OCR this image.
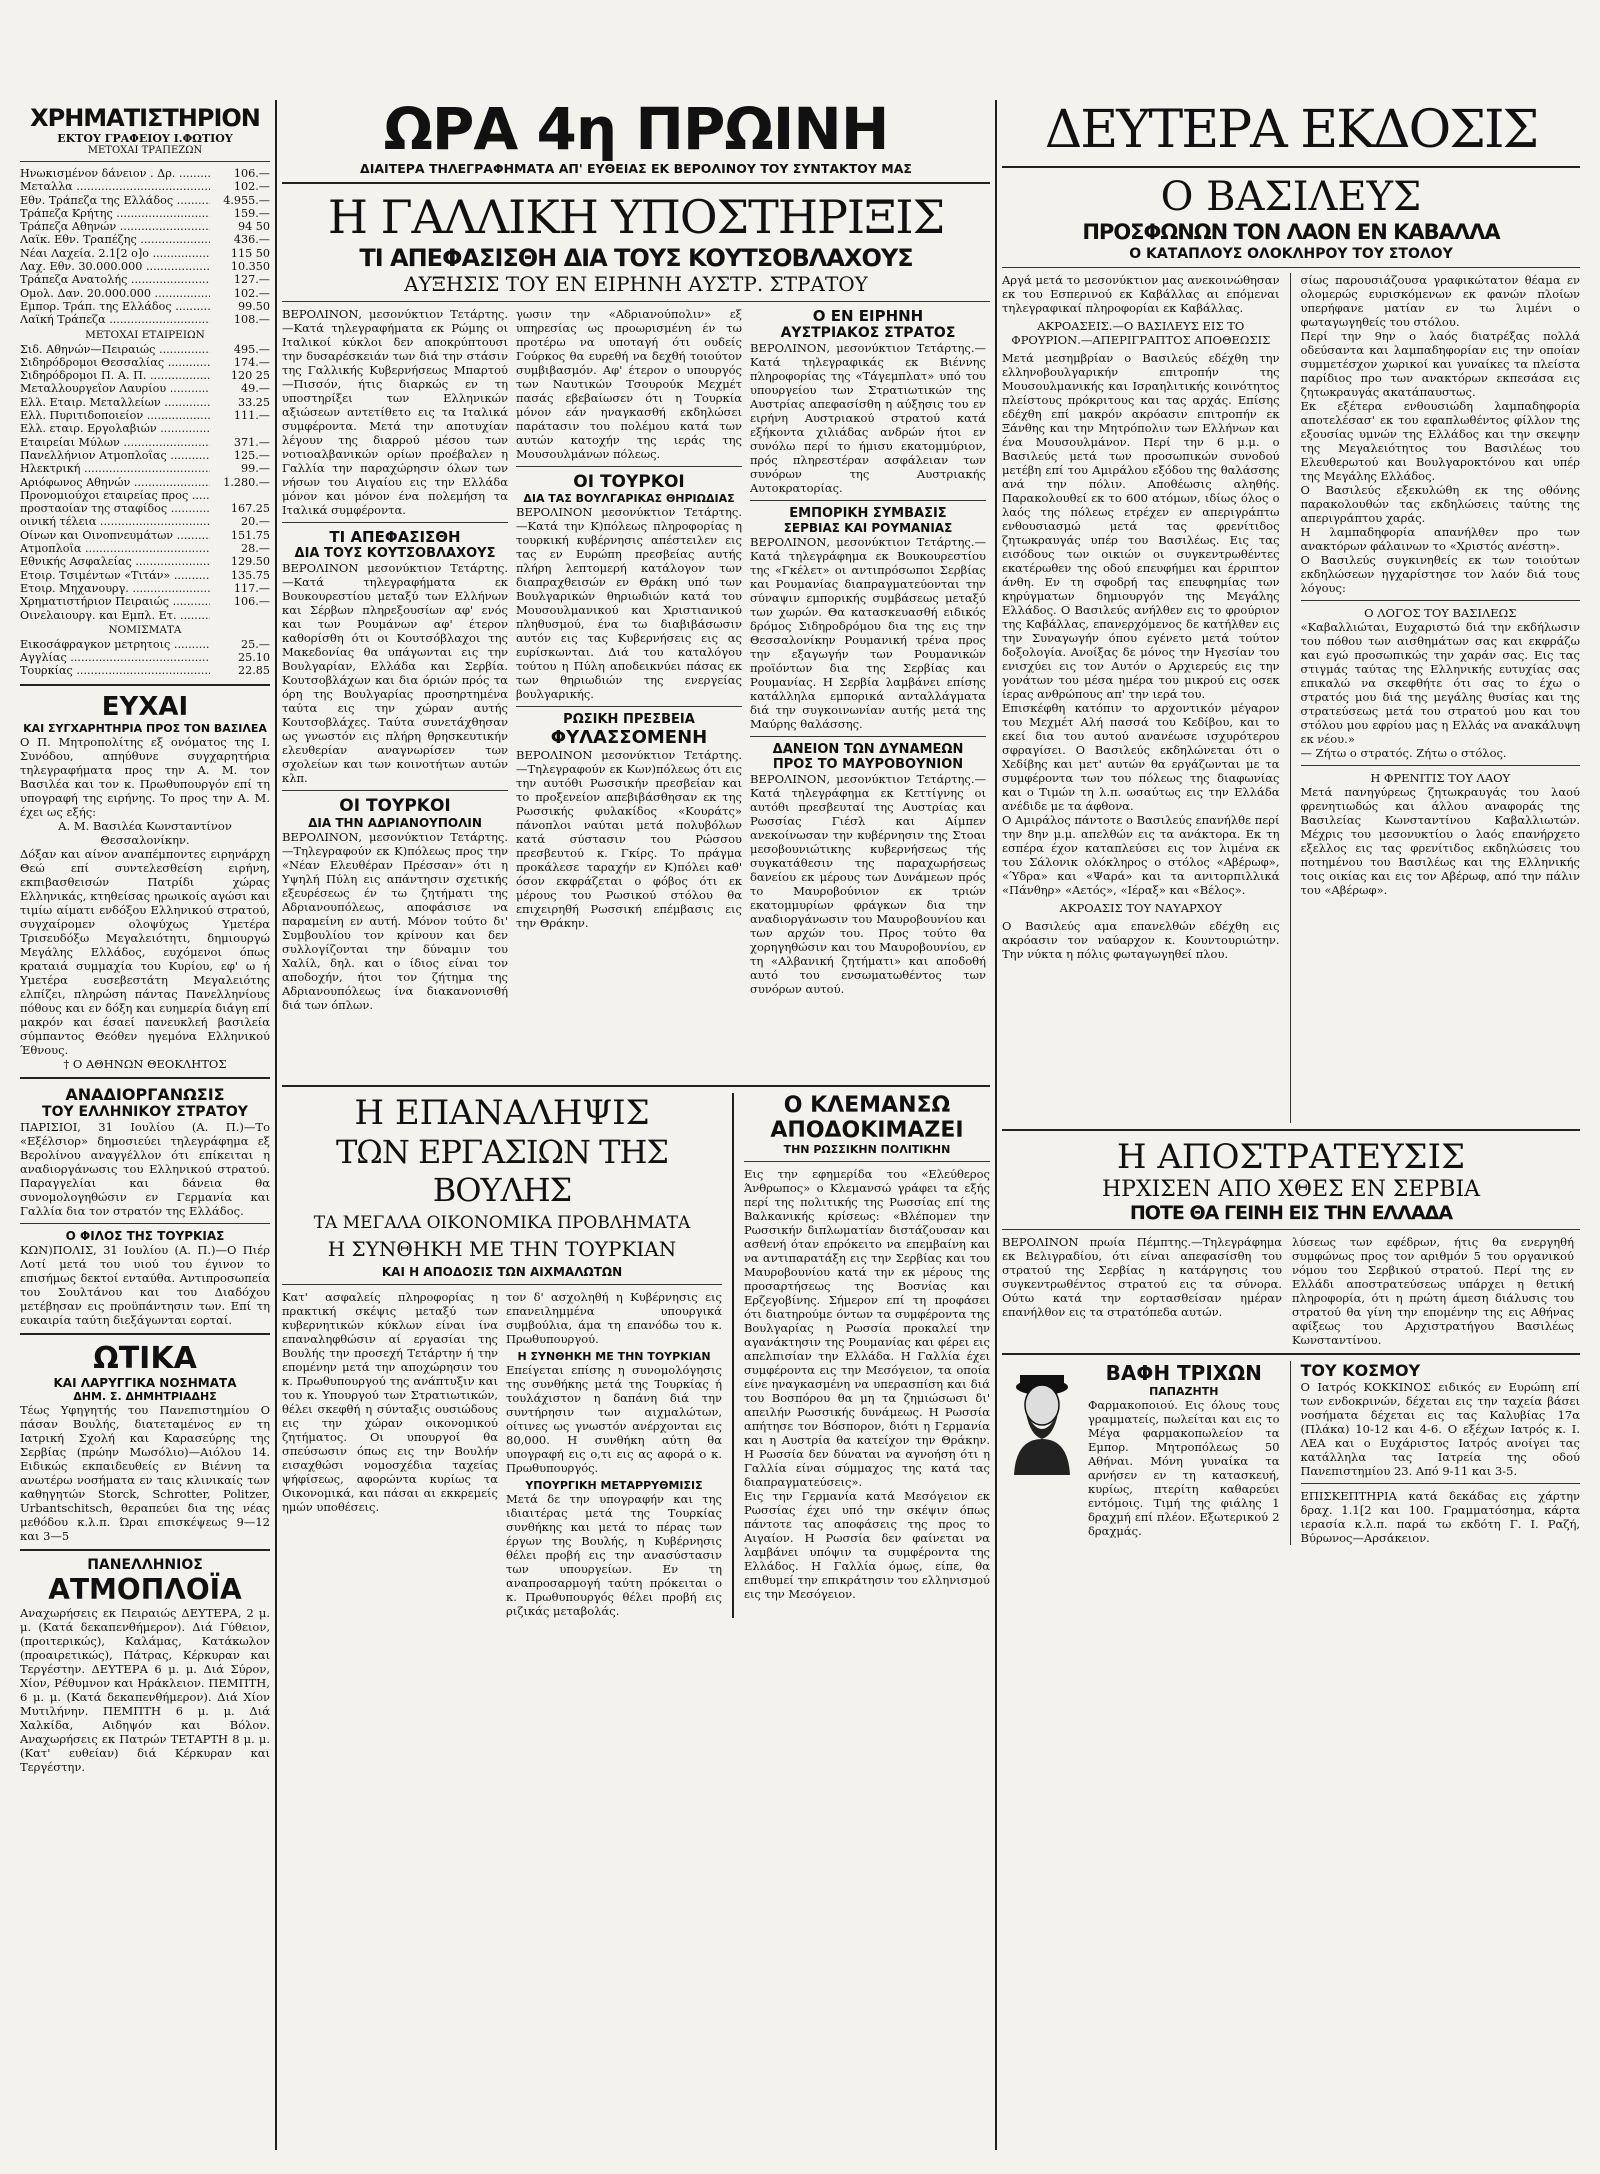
ΧΡΗΜΑΤΙΣΤΗΡΙΟΝ
ΕΚΤΟΥ ΓΡΑΦΕΙΟΥ Ι.ΦΩΤΙΟΥ
ΜΕΤΟΧΑΙ ΤΡΑΠΕΖΩΝ
Ηνωκισμένον δάνειον . Δρ. .....	106.—
Μεταλλα .....	102.—
Εθν. Τράπεζα της Ελλάδος .....	4.955.—
Τράπεζα Κρήτης .....	159.—
Τράπεζα Αθηνών .....	94 50
Λαϊκ. Εθν. Τραπέζης .....	436.—
Νέαι Λαχεία. 2.1[2 ο]ο .....	115 50
Λαχ. Εθν. 30.000.000 .....	10.350
Τράπεζα Ανατολής .....	127.—
Ομολ. Δαν. 20.000.000 .....	102.—
Εμπορ. Τράπ. της Ελλάδος .....	99.50
Λαϊκή Τράπεζα .....	108.—
ΜΕΤΟΧΑΙ ΕΤΑΙΡΕΙΩΝ
Σιδ. Αθηνών—Πειραιώς .....	495.—
Σιδηρόδρομοι Θεσσαλίας .....	174.—
Σιδηρόδρομοι Π. Α. Π. .....	120 25
Μεταλλουργεΐον Λαυρίου .....	49.—
Ελλ. Εταιρ. Μεταλλείων .....	33.25
Ελλ. Πυριτιδοποιείον .....	111.—
Ελλ. εταιρ. Εργολαβιών .....
Εταιρείαι Μύλων .....	371.—
Πανελλήνιον Ατμοπλοΐας .....	125.—
Ηλεκτρική .....	99.—
Αριόφωνος Αθηνών .....	1.280.—
Προνομιούχοι εταιρείας προς .....
προσταοίαν της σταφίδος .....	167.25
οινική τέλεια .....	20.—
Οίνων και Οινοπνευμάτων .....	151.75
Ατμοπλοΐα .....	28.—
Εθνικής Ασφαλείας .....	129.50
Ετοιρ. Τσιμέντων «Τιτάν» .....	135.75
Ετοιρ. Μηχανουργ. .....	117.—
Χρηματιστήριον Πειραιώς .....	106.—
Οινελαιουργ. και Εμπλ. Ετ. .....
ΝΟΜΙΣΜΑΤΑ
Εικοσάφραγκον μετρητοις .....	25.—
Αγγλίας .....	25.10
Τουρκίας .....	22.85
ΕΥΧΑΙ
ΚΑΙ ΣΥΓΧΑΡΗΤΗΡΙΑ ΠΡΟΣ ΤΟΝ ΒΑΣΙΛΕΑ
Ο Π. Μητροπολίτης εξ ονόματος της Ι. Συνόδου, απηύθυνε συγχαρητήρια τηλεγραφήματα προς την Α. Μ. τον Βασιλέα και τον κ. Πρωθυπουργόν επί τη υπογραφή της ειρήνης. Το προς την Α. Μ. έχει ως εξής:
Α. Μ. Βασιλέα Κωνσταντίνον Θεσσαλονίκην.
Δόξαν και αίνον αναπέμποντες ειρηνάρχη Θεώ επί συντελεσθείση ειρήνη, εκπιβασθεισών Πατρίδι χώρας Ελληνικάς, κτηθείσας ηρωικοίς αγώσι και τιμίω αίματι ενδόξου Ελληνικού στρατού, συγχαίρομεν ολοψύχως Υμετέρα Τρισευδόξω Μεγαλειότητι, δημιουργώ Μεγάλης Ελλάδος, ευχόμενοι όπως κραταιά συμμαχία του Κυρίου, εφ' ω ή Υμετέρα ευσεβεστάτη Μεγαλειότης ελπίζει, πληρώση πάντας Πανελληνίους πόθους και εν δόξη και ευημερία διάγη επί μακρόν και έσαεί πανευκλεή βασιλεία σύμπαντος Θεόθεν ηγεμόνα Ελληνικού Έθνους.
† Ο ΑΘΗΝΩΝ ΘΕΟΚΛΗΤΟΣ
ΑΝΑΔΙΟΡΓΑΝΩΣΙΣ
ΤΟΥ ΕΛΛΗΝΙΚΟΥ ΣΤΡΑΤΟΥ
ΠΑΡΙΣΙΟΙ, 31 Ιουλίου (Α. Π.)—Το «Εξέλσιορ» δημοσιεύει τηλεγράφημα εξ Βερολίνου αναγγέλλον ότι επίκειται η αναδιοργάνωσις του Ελληνικού στρατού. Παραγγελίαι και δάνεια θα συνομολογηθώσιν εν Γερμανία και Γαλλία δια τον στρατόν της Ελλάδος.
Ο ΦΙΛΟΣ ΤΗΣ ΤΟΥΡΚΙΑΣ
ΚΩΝ)ΠΟΛΙΣ, 31 Ιουλίου (Α. Π.)—Ο Πιέρ Λοτί μετά του υιού του έγινον το επισήμως δεκτοί ενταύθα. Αντιπροσωπεία του Σουλτάνου και του Διαδόχου μετέβησαν εις προϋπάντησιν των. Επί τη ευκαιρία ταύτη διεξάγωνται εορταί.
ΩΤΙΚΑ
ΚΑΙ ΛΑΡΥΓΓΙΚΑ ΝΟΣΗΜΑΤΑ
ΔΗΜ. Σ. ΔΗΜΗΤΡΙΑΔΗΣ
Τέως Υφηγητής του Πανεπιστημίου Ο πάσαν Βουλής, διατεταμένος εν τη Ιατρική Σχολή και Καρασεύρης της Σερβίας (πρώην Μωσόλιο)—Αιόλου 14. Ειδικώς εκπαιδευθείς εν Βιέννη τα ανωτέρω νοσήματα εν ταις κλινικαίς των καθηγητών Storck, Schrotter, Politzer, Urbantschitsch, θεραπεύει δια της νέας μεθόδου κ.λ.π. Ώραι επισκέψεως 9—12 και 3—5
ΠΑΝΕΛΛΗΝΙΟΣ
ΑΤΜΟΠΛΟΪΑ
Αναχωρήσεις εκ Πειραιώς ΔΕΥΤΕΡΑ, 2 μ. μ. (Κατά δεκαπενθήμερον). Διά Γύθειον, (προιτερικώς), Καλάμας, Κατάκωλον (προαιρετικώς), Πάτρας, Κέρκυραν και Τεργέστην. ΔΕΥΤΕΡΑ 6 μ. μ. Διά Σύρον, Χίον, Ρέθυμνον και Ηράκλειον. ΠΕΜΠΤΗ, 6 μ. μ. (Κατά δεκαπενθήμερον). Διά Χίον Μυτιλήνην. ΠΕΜΠΤΗ 6 μ. μ. Διά Χαλκίδα, Αιδηψόν και Βόλον. Αναχωρήσεις εκ Πατρών ΤΕΤΑΡΤΗ 8 μ. μ. (Κατ' ευθείαν) διά Κέρκυραν και Τεργέστην.
ΩΡΑ 4η ΠΡΩΙΝΗ
ΔΙΑΙΤΕΡΑ ΤΗΛΕΓΡΑΦΗΜΑΤΑ ΑΠ' ΕΥΘΕΙΑΣ ΕΚ ΒΕΡΟΛΙΝΟΥ ΤΟΥ ΣΥΝΤΑΚΤΟΥ ΜΑΣ
Η ΓΑΛΛΙΚΗ ΥΠΟΣΤΗΡΙΞΙΣ
ΤΙ ΑΠΕΦΑΣΙΣΘΗ ΔΙΑ ΤΟΥΣ ΚΟΥΤΣΟΒΛΑΧΟΥΣ
ΑΥΞΗΣΙΣ ΤΟΥ ΕΝ ΕΙΡΗΝΗ ΑΥΣΤΡ. ΣΤΡΑΤΟΥ
ΒΕΡΟΛΙΝΟΝ, μεσονύκτιον Τετάρτης.—Κατά τηλεγραφήματα εκ Ρώμης οι Ιταλικοί κύκλοι δεν αποκρύπτουσι την δυσαρέσκειάν των διά την στάσιν της Γαλλικής Κυβερνήσεως Μπαρτού—Πισσόν, ήτις διαρκώς εν τη υποστηρίξει των Ελληνικών αξιώσεων αντετίθετο εις τα Ιταλικά συμφέροντα. Μετά την αποτυχίαν λέγουν της διαρρού μέσου των νοτιοαλβανικών ορίων προέβαλεν η Γαλλία την παραχώρησιν όλων των νήσων του Αιγαίου εις την Ελλάδα μόνον και μόνον ένα πολεμήση τα Ιταλικά συμφέροντα.
ΤΙ ΑΠΕΦΑΣΙΣΘΗ
ΔΙΑ ΤΟΥΣ ΚΟΥΤΣΟΒΛΑΧΟΥΣ
ΒΕΡΟΛΙΝΟΝ μεσονύκτιον Τετάρτης.—Κατά τηλεγραφήματα εκ Βουκουρεστίου μεταξύ των Ελλήνων και Σέρβων πληρεξουσίων αφ' ενός και των Ρουμάνων αφ' έτερον καθορίσθη ότι οι Κουτσόβλαχοι της Μακεδονίας θα υπάγωνται εις την Βουλγαρίαν, Ελλάδα και Σερβία. Κουτσοβλάχων και δια όριών πρός τα όρη της Βουλγαρίας προσηρτημένα ταύτα εις την χώραν αυτής Κουτσοβλάχες. Ταύτα συνετάχθησαν ως γνωστόν εις πλήρη θρησκευτικήν ελευθερίαν αναγνωρίσεν των σχολείων και των κοινοτήτων αυτών κλπ.
ΟΙ ΤΟΥΡΚΟΙ
ΔΙΑ ΤΗΝ ΑΔΡΙΑΝΟΥΠΟΛΙΝ
ΒΕΡΟΛΙΝΟΝ, μεσονύκτιον Τετάρτης.—Τηλεγραφούν εκ Κ)πόλεως προς την «Νέαν Ελευθέραν Πρέσσαν» ότι η Υψηλή Πύλη εις απάντησιν σχετικής εξευρέσεως έν τω ζητήματι της Αδριανουπόλεως, αποφάσισε να παραμείνη εν αυτή. Μόνον τούτο δι' Συμβουλίου τον κρίνουν και δεν συλλογίζονται την δύναμιν του Χαλίλ, δηλ. και ο ίδιος είναι τον αποδοχήν, ήτοι τον ζήτημα της Αδριανουπόλεως ίνα διακανονισθή διά των όπλων.
γωσιν την «Αδριανούπολιν» εξ υπηρεσίας ως προωρισμένη έν τω προτέρω να υποταγή ότι ουδείς Γούρκος θα ευρεθή να δεχθή τοιούτον συμβιβασμόν. Αφ' έτερον ο υπουργός των Ναυτικών Τσουρούκ Μεχμέτ πασάς εβεβαίωσεν ότι η Τουρκία μόνον εάν ηναγκασθή εκδηλώσει παράτασιν του πολέμου κατά των αυτών κατοχήν της ιεράς της Μουσουλμάνων πόλεως.
ΟΙ ΤΟΥΡΚΟΙ
ΔΙΑ ΤΑΣ ΒΟΥΛΓΑΡΙΚΑΣ ΘΗΡΙΩΔΙΑΣ
ΒΕΡΟΛΙΝΟΝ μεσονύκτιον Τετάρτης.—Κατά την Κ)πόλεως πληροφορίας η τουρκική κυβέρνησις απέστειλεν εις τας εν Ευρώπη πρεσβείας αυτής πλήρη λεπτομερή κατάλογον των διαπραχθεισών εν Θράκη υπό των Βουλγαρικών θηριωδιών κατά του Μουσουλμανικού και Χριστιανικού πληθυσμού, ένα τω διαβιβάσωσιν αυτόν εις τας Κυβερνήσεις εις ας ευρίσκωνται. Διά του καταλόγου τούτου η Πύλη αποδεικνύει πάσας εκ των θηριωδιών της ενεργείας βουλγαρικής.
ΡΩΣΙΚΗ ΠΡΕΣΒΕΙΑ
ΦΥΛΑΣΣΟΜΕΝΗ
ΒΕΡΟΛΙΝΟΝ μεσονύκτιον Τετάρτης.—Τηλεγραφούν εκ Κων)πόλεως ότι εις την αυτόθι Ρωσσικήν πρεσβείαν και το προξενείον απεβιβάσθησαν εκ της Ρωσσικής φυλακίδος «Κουράτς» πάνοπλοι ναύται μετά πολυβόλων κατά σύστασιν του Ρώσσου πρεσβευτού κ. Γκίρς. Το πράγμα προκάλεσε ταραχήν εν Κ)πόλει καθ' όσον εκφράζεται ο φόβος ότι εκ μέρους του Ρωσικού στόλου θα επιχειρηθή Ρωσσική επέμβασις εις την Θράκην.
Ο ΕΝ ΕΙΡΗΝΗ
ΑΥΣΤΡΙΑΚΟΣ ΣΤΡΑΤΟΣ
ΒΕΡΟΛΙΝΟΝ, μεσονύκτιον Τετάρτης.—Κατά τηλεγραφικάς εκ Βιέννης πληροφορίας της «Τάγεμπλατ» υπό του υπουργείου των Στρατιωτικών της Αυστρίας απεφασίσθη η αύξησις του εν ειρήνη Αυστριακού στρατού κατά εξήκοντα χιλιάδας ανδρών ήτοι εν συνόλω περί το ήμισυ εκατομμύριον, πρός πληρεστέραν ασφάλειαν των συνόρων της Αυστριακής Αυτοκρατορίας.
ΕΜΠΟΡΙΚΗ ΣΥΜΒΑΣΙΣ
ΣΕΡΒΙΑΣ ΚΑΙ ΡΟΥΜΑΝΙΑΣ
ΒΕΡΟΛΙΝΟΝ, μεσονύκτιον Τετάρτης.—Κατά τηλεγράφημα εκ Βουκουρεστίου της «Γκέλετ» οι αντιπρόσωποι Σερβίας και Ρουμανίας διαπραγματεύονται την σύναψιν εμπορικής συμβάσεως μεταξύ των χωρών. Θα κατασκευασθή ειδικός δρόμος Σιδηροδρόμου δια της εις την Θεσσαλονίκην Ρουμανική τρένα προς την εξαγωγήν των Ρουμανικών προϊόντων δια της Σερβίας και Ρουμανίας. Η Σερβία λαμβάνει επίσης κατάλληλα εμπορικά ανταλλάγματα διά την συγκοινωνίαν αυτής μετά της Μαύρης θαλάσσης.
ΔΑΝΕΙΟΝ ΤΩΝ ΔΥΝΑΜΕΩΝ
ΠΡΟΣ ΤΟ ΜΑΥΡΟΒΟΥΝΙΟΝ
ΒΕΡΟΛΙΝΟΝ, μεσονύκτιον Τετάρτης.—Κατά τηλεγράφημα εκ Κεττίγνης οι αυτόθι πρεσβευταί της Αυστρίας και Ρωσσίας Γιέσλ και Αίμπεν ανεκοίνωσαν την κυβέρνησιν της Στοαι μεσοβουνιώτικης κυβερνήσεως τής συγκατάθεσιν της παραχωρήσεως δανείου εκ μέρους των Δυνάμεων πρός το Μαυροβούνιον εκ τριών εκατομμυρίων φράγκων δια την αναδιοργάνωσιν του Μαυροβουνίου και των αρχών του. Προς τούτο θα χορηγηθώσιν και του Μαυροβουνίου, εν τη «Αλβανική ζητήματι» και αποδοθή αυτό του ενσωματωθέντος των συνόρων αυτού.
Η ΕΠΑΝΑΛΗΨΙΣ
ΤΩΝ ΕΡΓΑΣΙΩΝ ΤΗΣ ΒΟΥΛΗΣ
ΤΑ ΜΕΓΑΛΑ ΟΙΚΟΝΟΜΙΚΑ ΠΡΟΒΛΗΜΑΤΑ
Η ΣΥΝΘΗΚΗ ΜΕ ΤΗΝ ΤΟΥΡΚΙΑΝ
ΚΑΙ Η ΑΠΟΔΟΣΙΣ ΤΩΝ ΑΙΧΜΑΛΩΤΩΝ
Κατ' ασφαλείς πληροφορίας η πρακτική σκέψις μεταξύ των κυβερνητικών κύκλων είναι ίνα επαναληφθώσιν αί εργασίαι της Βουλής την προσεχή Τετάρτην ή την επομένην μετά την αποχώρησιν του κ. Πρωθυπουργού της ανάπτυξιν και του κ. Υπουργού των Στρατιωτικών, θέλει σκεφθή η σύνταξις ουσιώδους εις την χώραν οικονομικού ζητήματος. Οι υπουργοί θα σπεύσωσιν όπως εις την Βουλήν εισαχθώσι νομοσχέδια ταχείας ψήφίσεως, αφορώντα κυρίως τα Οικονομικά, και πάσαι αι εκκρεμείς ημών υποθέσεις.
τον δ' ασχοληθή η Κυβέρνησις εις επανειλημμένα υπουργικά συμβούλια, άμα τη επανόδω του κ. Πρωθυπουργού.
Η ΣΥΝΘΗΚΗ ΜΕ ΤΗΝ ΤΟΥΡΚΙΑΝ
Επείγεται επίσης η συνομολόγησις της συνθήκης μετά της Τουρκίας ή τουλάχιστον η δαπάνη διά την συντήρησιν των αιχμαλώτων, οίτινες ως γνωστόν ανέρχονται εις 80,000. Η συνθήκη αύτη θα υπογραφή εις ο,τι εις ας αφορά ο κ. Πρωθυπουργός.
ΥΠΟΥΡΓΙΚΗ ΜΕΤΑΡΡΥΘΜΙΣΙΣ
Μετά δε την υπογραφήν και της ιδιαιτέρας μετά της Τουρκίας συνθήκης και μετά το πέρας των έργων της Βουλής, η Κυβέρνησις θέλει προβή εις την ανασύστασιν των υπουργείων. Εν τη αναπροσαρμογή ταύτη πρόκειται ο κ. Πρωθυπουργός θέλει προβή εις ριζικάς μεταβολάς.
Ο ΚΛΕΜΑΝΣΩ
ΑΠΟΔΟΚΙΜΑΖΕΙ
ΤΗΝ ΡΩΣΣΙΚΗΝ ΠΟΛΙΤΙΚΗΝ
Εις την εφημερίδα του «Ελεύθερος Άνθρωπος» ο Κλεμανσώ γράφει τα εξής περί της πολιτικής της Ρωσσίας επί της Βαλκανικής κρίσεως: «Βλέπομεν την Ρωσσικήν διπλωματίαν διστάζουσαν και ασθενή όταν επρόκειτο να επεμβαίνη και να αντιπαρατάξη εις την Σερβίας και του Μαυροβουνίου κατά την εκ μέρους της προσαρτήσεως της Βοσνίας και Ερζεγοβίνης. Σήμερον επί τη προφάσει ότι διατηρούμε όντων τα συμφέροντα της Βουλγαρίας η Ρωσσία προκαλεί την αγανάκτησιν της Ρουμανίας και φέρει εις απελπισίαν την Ελλάδα. Η Γαλλία έχει συμφέροντα εις την Μεσόγειον, τα οποία είνε ηναγκασμένη να υπερασπίση και διά του Βοσπόρου θα μη τα ζημιώσωσι δι' απειλήν Ρωσσικής δυνάμεως. Η Ρωσσία απήτησε τον Βόσπορον, διότι η Γερμανία και η Αυστρία θα κατείχον την Θράκην. Η Ρωσσία δεν δύναται να αγνοήση ότι η Γαλλία είναι σύμμαχος της κατά τας διαπραγματεύσεις».
Εις την Γερμανία κατά Μεσόγειον εκ Ρωσσίας έχει υπό την σκέψιν όπως πάντοτε τας αποφάσεις της προς το Αιγαίον. Η Ρωσσία δεν φαίνεται να λαμβάνει υπόψιν τα συμφέροντα της Ελλάδος. Η Γαλλία όμως, είπε, θα επιθυμεί την επικράτησιν του ελληνισμού εις την Μεσόγειον.
ΔΕΥΤΕΡΑ ΕΚΔΟΣΙΣ
Ο ΒΑΣΙΛΕΥΣ
ΠΡΟΣΦΩΝΩΝ ΤΟΝ ΛΑΟΝ ΕΝ ΚΑΒΑΛΛΑ
Ο ΚΑΤΑΠΛΟΥΣ ΟΛΟΚΛΗΡΟΥ ΤΟΥ ΣΤΟΛΟΥ
Αργά μετά το μεσονύκτιον μας ανεκοινώθησαν εκ του Εσπερινού εκ Καβάλλας αι επόμεναι τηλεγραφικαί πληροφορίαι εκ Καβάλλας.
ΑΚΡΟΑΣΕΙΣ.—Ο ΒΑΣΙΛΕΥΣ ΕΙΣ ΤΟ ΦΡΟΥΡΙΟΝ.—ΑΠΕΡΙΓΡΑΠΤΟΣ ΑΠΟΘΕΩΣΙΣ
Μετά μεσημβρίαν ο Βασιλεύς εδέχθη την ελληνοβουλγαρικήν επιτροπήν της Μουσουλμανικής και Ισραηλιτικής κοινότητος πλείστους πρόκριτους και τας αρχάς. Επίσης εδέχθη επί μακρόν ακρόασιν επιτροπήν εκ Ξάνθης και την Μητρόπολιν των Ελλήνων και ένα Μουσουλμάνον. Περί την 6 μ.μ. ο Βασιλεύς μετά των προσωπικών συνοδού μετέβη επί του Αμιράλου εξόδου της θαλάσσης ανά την πόλιν. Αποθέωσις αληθής. Παρακολουθεί εκ το 600 ατόμων, ιδίως όλος ο λαός της πόλεως ετρέχεν εν απεριγράπτω ενθουσιασμώ μετά τας φρενίτιδος ζητωκραυγάς υπέρ του Βασιλέως. Εις τας εισόδους των οικιών οι συγκεντρωθέντες εκατέρωθεν της οδού επευφήμει και έρριπτον άνθη. Εν τη σφοδρή τας επευφημίας των κηρύγματων δημιουργόν της Μεγάλης Ελλάδος. Ο Βασιλεύς ανήλθεν εις το φρούριον της Καβάλλας, επανερχόμενος δε κατήλθεν εις την Συναγωγήν όπου εγένετο μετά τούτον δοξολογία. Ανοίξας δε μόνος την Ηγεσίαν του ενισχύει εις τον Αυτόν ο Αρχιερεύς εις την γονάτων του μέσα ημέρα του μικρού εις οσεκ ίερας ανθρώπους απ' την ιερά του.
Επισκέφθη κατόπιν το αρχοντικόν μέγαρον του Μεχμέτ Αλή πασσά του Κεδίβου, και το εκεί δια του αυτού ανανέωσε ισχυρότερου σφραγίσει. Ο Βασιλεύς εκδηλώνεται ότι ο Χεδίβης και μετ' αυτών θα εργάζωνται με τα συμφέροντα των του πόλεως της διαφωνίας και ο Τιμών τη λ.π. ωσαύτως εις την Ελλάδα ανέδιδε με τα άφθονα.
Ο Αμιράλος πάντοτε ο Βασιλεύς επανήλθε περί την 8ην μ.μ. απελθών εις τα ανάκτορα. Εκ τη εσπέρα έχον καταπλεύσει εις τον λιμένα εκ του Σάλονικ ολόκληρος ο στόλος «Αβέρωφ», «Ύδρα» και «Ψαρά» και τα ανιτορπιλλικά «Πάνθηρ» «Αετός», «Ιέραξ» και «Βέλος».
ΑΚΡΟΑΣΙΣ ΤΟΥ ΝΑΥΑΡΧΟΥ
Ο Βασιλεύς αμα επανελθών εδέχθη εις ακρόασιν τον ναύαρχον κ. Κουντουριώτην. Την νύκτα η πόλις φωταγωγηθεί πλου.
σίως παρουσιάζουσα γραφικώτατον θέαμα εν ολομερώς ευρισκόμενων εκ φανών πλοίων υπερήφανε ματίαν εν τω λιμένι ο φωταγωγηθείς του στόλου.
Περί την 9ην ο λαός διατρέξας πολλά οδεύσαντα και λαμπαδηφορίαν εις την οποίαν συμμετέσχον χωρικοί και γυναίκες τα πλείστα παρίδιος προ των ανακτόρων εκπεσάσα εις ζητωκραυγάς ακατάπαυστως.
Εκ εξέτερα ενθουσιώδη λαμπαδηφορία αποτελέσασ' εκ του εφαπλωθέντος φίλλον της εξουσίας υμνών της Ελλάδος και την σκεψην της Μεγαλειότητος του Βασιλέως του Ελευθερωτού και Βουλγαροκτόνου και υπέρ της Μεγάλης Ελλάδος.
Ο Βασιλεύς εξεκυλώθη εκ της οθόνης παρακολουθών τας εκδηλώσεις ταύτης της απεριγράπτου χαράς.
Η λαμπαδηφορία απανήλθεν προ των ανακτόρων φάλαινων το «Χριστός ανέστη».
Ο Βασιλεύς συγκινηθείς εκ των τοιούτων εκδηλώσεων ηγχαρίστησε τον λαόν διά τους λόγους:
Ο ΛΟΓΟΣ ΤΟΥ ΒΑΣΙΛΕΩΣ
«Καβαλλιώται, Ευχαριστώ διά την εκδήλωσιν του πόθου των αισθημάτων σας και εκφράζω και εγώ προσωπικώς την χαράν σας. Εις τας στιγμάς ταύτας της Ελληνικής ευτυχίας σας επικαλώ να σκεφθήτε ότι σας το έχω ο στρατός μου διά της μεγάλης θυσίας και της στρατεύσεως μετά του στρατού μου και του στόλου μου εφρίου μας η Ελλάς να ανακάλυψη εκ νέου.»
— Ζήτω ο στρατός. Ζήτω ο στόλος.
Η ΦΡΕΝΙΤΙΣ ΤΟΥ ΛΑΟΥ
Μετά πανηγύρεως ζητωκραυγάς του λαού φρενητιωδώς και άλλου αναφοράς της Βασιλείας Κωνσταντίνου Καβαλλιωτών. Μέχρις του μεσονυκτίου ο λαός επανήρχετο εξελλος εις τας φρενίτιδος εκδηλώσεις του ποτημένου του Βασιλέως και της Ελληνικής τοις οικίας και εις τον Αβέρωφ, από την πάλιν του «Αβέρωφ».
Η ΑΠΟΣΤΡΑΤΕΥΣΙΣ
ΗΡΧΙΣΕΝ ΑΠΟ ΧΘΕΣ ΕΝ ΣΕΡΒΙΑ
ΠΟΤΕ ΘΑ ΓΕΙΝΗ ΕΙΣ ΤΗΝ ΕΛΛΑΔΑ
ΒΕΡΟΛΙΝΟΝ πρωία Πέμπτης.—Τηλεγράφημα εκ Βελιγραδίου, ότι είναι απεφασίσθη του στρατού της Σερβίας η κατάργησις του συγκεντρωθέντος στρατού εις τα σύνορα. Ούτω κατά την εορτασθείσαν ημέραν επανήλθον εις τα στρατόπεδα αυτών.
λύσεως των εφέδρων, ήτις θα ενεργηθή συμφώνως προς τον αριθμόν 5 του οργανικού νόμου του Σερβικού στρατού. Περί της εν Ελλάδι αποστρατεύσεως υπάρχει η θετική πληροφορία, ότι η πρώτη άμεση διάλυσις του στρατού θα γίνη την επομένην της εις Αθήνας αφίξεως του Αρχιστρατήγου Βασιλέως Κωνσταντίνου.
ΒΑΦΗ ΤΡΙΧΩΝ
ΠΑΠΑΖΗΤΗ
Φαρμακοποιού. Εις όλους τους γραμματείς, πωλείται και εις το Μέγα φαρμακοπωλείον τα Εμπορ. Μητροπόλεως 50 Αθήναι. Μόνη γυναίκα τα αρνήσεν εν τη κατασκευή, κυρίως, πτερίτη καθαρεύει εντόμοις. Τιμή της φιάλης 1 δραχμή επί πλέον. Εξωτερικού 2 δραχμάς.
ΤΟΥ ΚΟΣΜΟΥ
Ο Ιατρός ΚΟΚΚΙΝΟΣ ειδικός εν Ευρώπη επί των ενδοκρινών, δέχεται εις την ταχεία βάσει νοσήματα δέχεται εις τας Καλυβίας 17α (Πλάκα) 10-12 και 4-6. Ο εξέχων Ιατρός κ. Ι. ΛΕΑ και ο Ευχάριστος Ιατρός ανοίγει τας κατάλληλα τας Ιατρεία της οδού Πανεπιστημίου 23. Από 9-11 και 3-5.
ΕΠΙΣΚΕΠΤΗΡΙΑ κατά δεκάδας εις χάρτην δραχ. 1.1[2 και 100. Γραμματόσημα, κάρτα ιερασία κ.λ.π. παρά τω εκδότη Γ. Ι. Ραζή, Βύρωνος—Αρσάκειον.
